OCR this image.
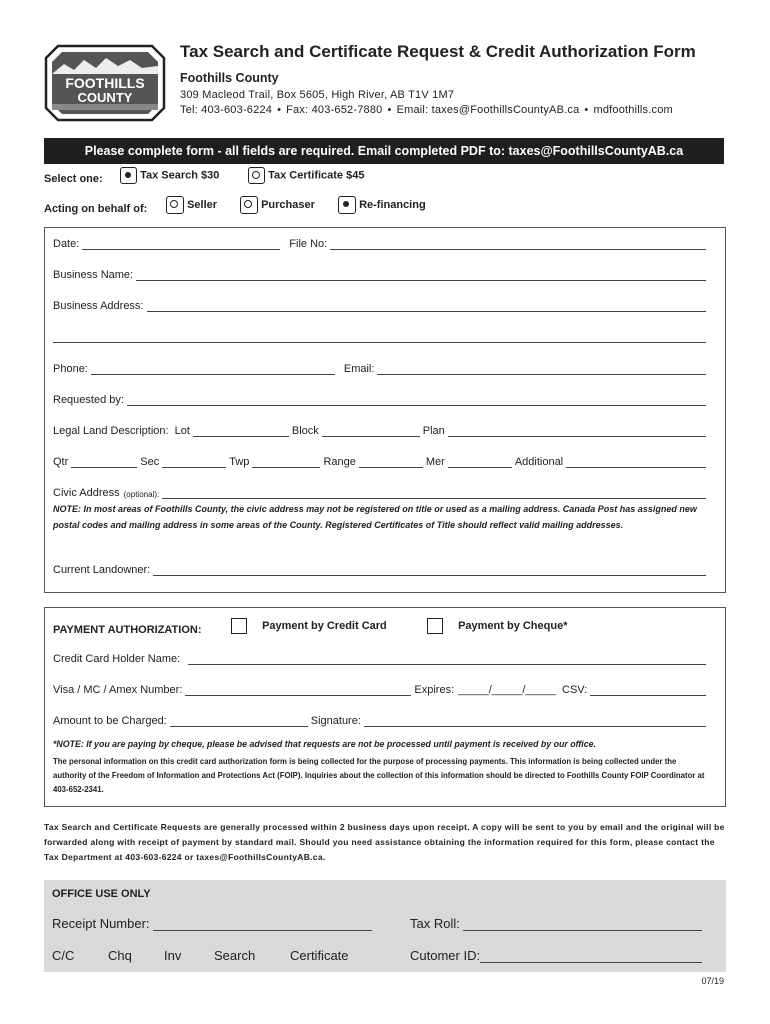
FOOTHILLS
COUNTY
Tax Search and Certificate Request & Credit Authorization Form
Foothills County
309 Macleod Trail, Box 5605, High River, AB T1V 1M7
Tel: 403-603-6224 • Fax: 403-652-7880 • Email: taxes@FoothillsCountyAB.ca • mdfoothills.com
Please complete form - all fields are required. Email completed PDF to: taxes@FoothillsCountyAB.ca
Select one:	Tax Search $30	Tax Certificate $45
Acting on behalf of:	Seller	Purchaser	Re-financing
Date:	File No:
Business Name:
Business Address:
Phone:	Email:
Requested by:
Legal Land Description: Lot	Block	Plan
Qtr	Sec	Twp	Range	Mer	Additional
Civic Address (optional):
NOTE: In most areas of Foothills County, the civic address may not be registered on title or used as a mailing address. Canada Post has assigned new postal codes and mailing address in some areas of the County. Registered Certificates of Title should reflect valid mailing addresses.
Current Landowner:
PAYMENT AUTHORIZATION:	Payment by Credit Card	Payment by Cheque*
Credit Card Holder Name:
Visa / MC / Amex Number:	Expires: _____/_____/_____ CSV:
Amount to be Charged:	Signature:
*NOTE: If you are paying by cheque, please be advised that requests are not be processed until payment is received by our office.
The personal information on this credit card authorization form is being collected for the purpose of processing payments. This information is being collected under the authority of the Freedom of Information and Protections Act (FOIP). Inquiries about the collection of this information should be directed to Foothills County FOIP Coordinator at 403-652-2341.
Tax Search and Certificate Requests are generally processed within 2 business days upon receipt. A copy will be sent to you by email and the original will be forwarded along with receipt of payment by standard mail. Should you need assistance obtaining the information required for this form, please contact the Tax Department at 403-603-6224 or taxes@FoothillsCountyAB.ca.
OFFICE USE ONLY
Receipt Number:	Tax Roll:
C/C	Chq Inv	Search	Certificate	Cutomer ID:
07/19
